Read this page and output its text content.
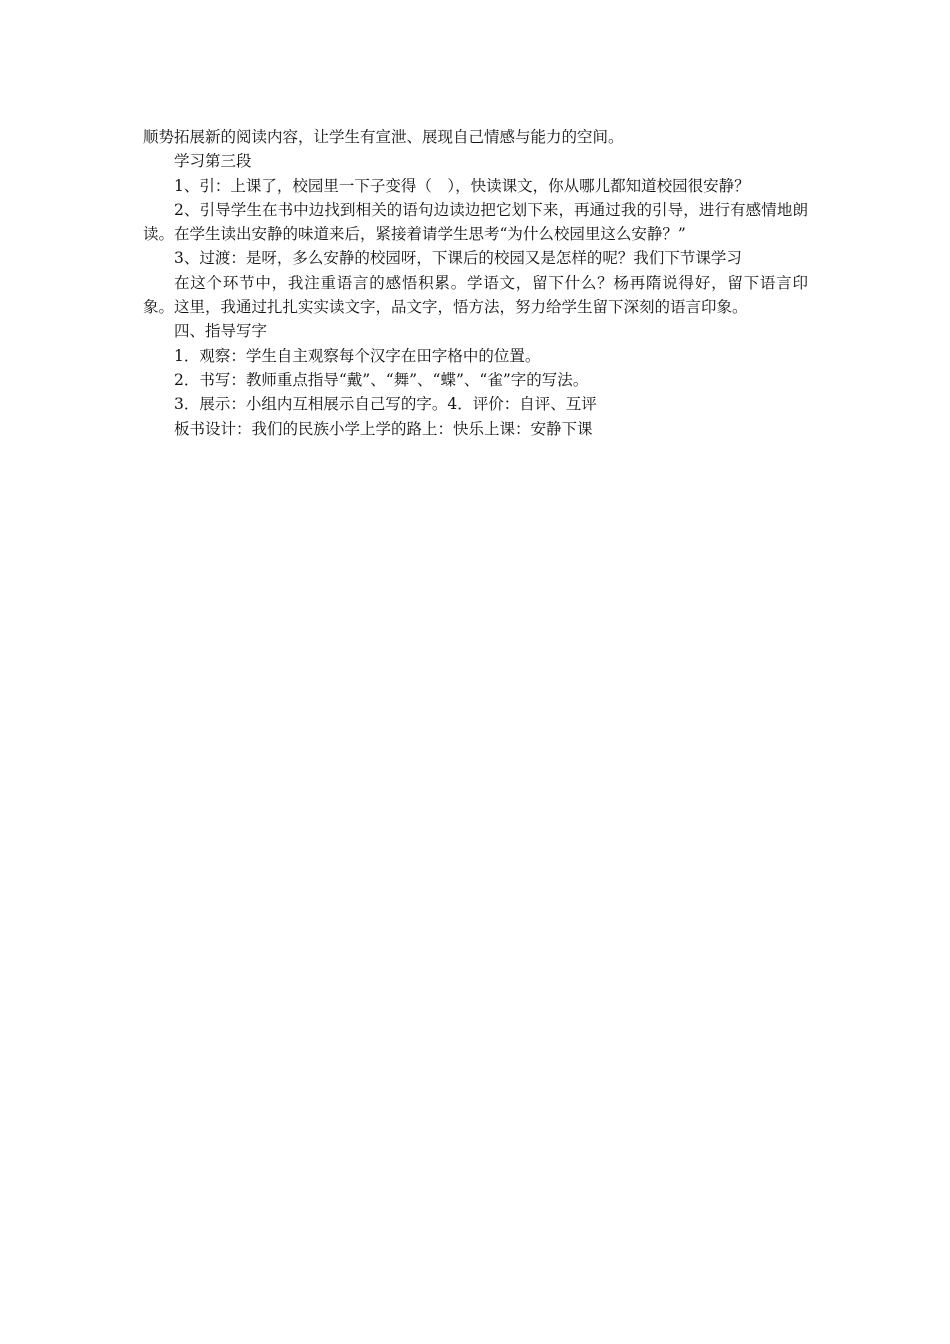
顺势拓展新的阅读内容，让学生有宣泄、展现自己情感与能力的空间。

学习第三段

1、引：上课了，校园里一下子变得（　），快读课文，你从哪儿都知道校园很安静？

2、引导学生在书中边找到相关的语句边读边把它划下来，再通过我的引导，进行有感情地朗读。在学生读出安静的味道来后，紧接着请学生思考“为什么校园里这么安静？”

3、过渡：是呀，多么安静的校园呀，下课后的校园又是怎样的呢？我们下节课学习

在这个环节中，我注重语言的感悟积累。学语文，留下什么？杨再隋说得好，留下语言印象。这里，我通过扎扎实实读文字，品文字，悟方法，努力给学生留下深刻的语言印象。

四、指导写字

1．观察：学生自主观察每个汉字在田字格中的位置。

2．书写：教师重点指导“戴”、“舞”、“蝶”、“雀”字的写法。

3．展示：小组内互相展示自己写的字。4．评价：自评、互评

板书设计：我们的民族小学上学的路上：快乐上课：安静下课
